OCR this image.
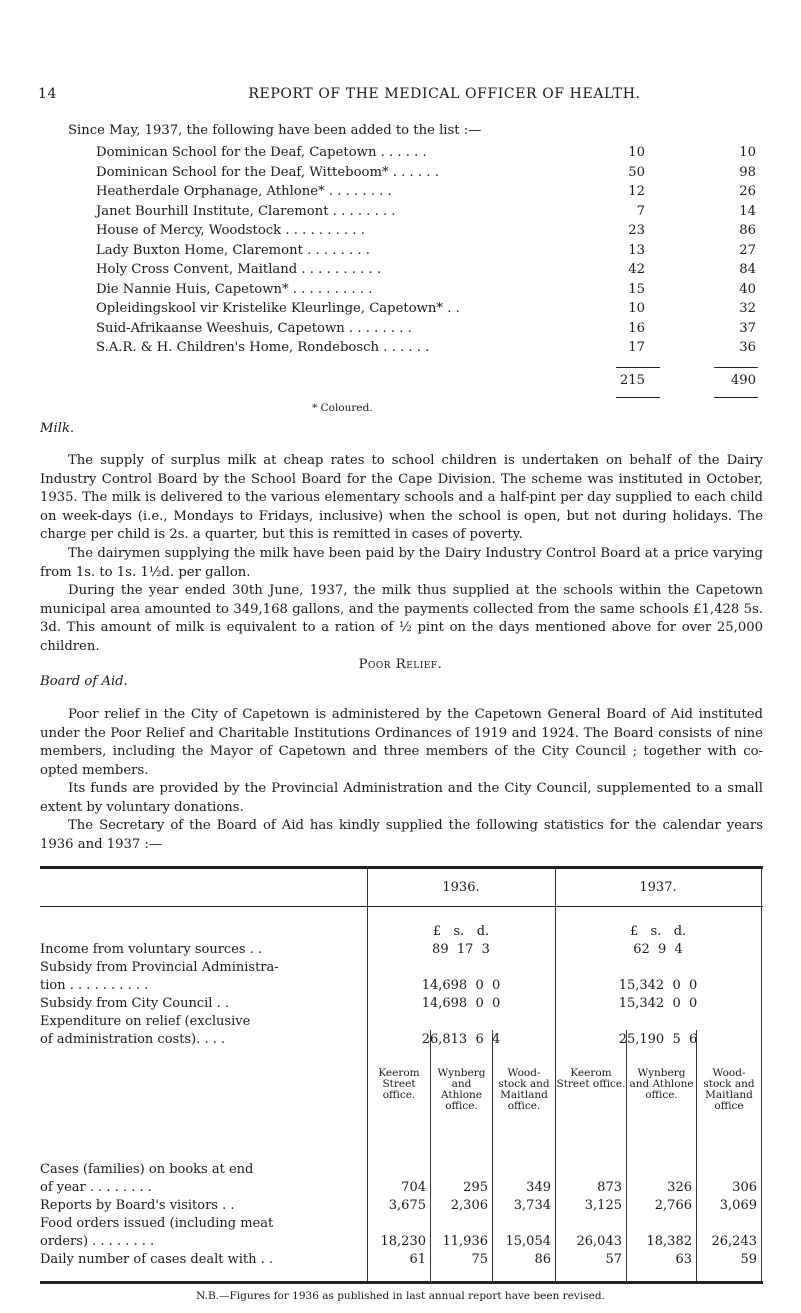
14	REPORT OF THE MEDICAL OFFICER OF HEALTH.
Since May, 1937, the following have been added to the list :—
Dominican School for the Deaf, Capetown . . . . . .	10	10
Dominican School for the Deaf, Witteboom* . . . . . .	50	98
Heatherdale Orphanage, Athlone* . . . . . . . .	12	26
Janet Bourhill Institute, Claremont . . . . . . . .	7	14
House of Mercy, Woodstock . . . . . . . . . .	23	86
Lady Buxton Home, Claremont . . . . . . . .	13	27
Holy Cross Convent, Maitland . . . . . . . . . .	42	84
Die Nannie Huis, Capetown* . . . . . . . . . .	15	40
Opleidingskool vir Kristelike Kleurlinge, Capetown* . .	10	32
Suid-Afrikaanse Weeshuis, Capetown . . . . . . . .	16	37
S.A.R. & H. Children's Home, Rondebosch . . . . . .	17	36
215	490
* Coloured.
Milk.
The supply of surplus milk at cheap rates to school children is undertaken on behalf of the Dairy Industry Control Board by the School Board for the Cape Division. The scheme was instituted in October, 1935. The milk is delivered to the various elementary schools and a half-pint per day supplied to each child on week-days (i.e., Mondays to Fridays, inclusive) when the school is open, but not during holidays. The charge per child is 2s. a quarter, but this is remitted in cases of poverty.
The dairymen supplying the milk have been paid by the Dairy Industry Control Board at a price varying from 1s. to 1s. 1½d. per gallon.
During the year ended 30th June, 1937, the milk thus supplied at the schools within the Capetown municipal area amounted to 349,168 gallons, and the payments collected from the same schools £1,428 5s. 3d. This amount of milk is equivalent to a ration of ½ pint on the days mentioned above for over 25,000 children.
Poor Relief.
Board of Aid.
Poor relief in the City of Capetown is administered by the Capetown General Board of Aid instituted under the Poor Relief and Charitable Institutions Ordinances of 1919 and 1924. The Board consists of nine members, including the Mayor of Capetown and three members of the City Council ; together with co-opted members.
Its funds are provided by the Provincial Administration and the City Council, supplemented to a small extent by voluntary donations.
The Secretary of the Board of Aid has kindly supplied the following statistics for the calendar years 1936 and 1937 :—
1936.	1937.
£   s.   d.	£   s.   d.
Income from voluntary sources . .	89  17  3	62  9  4
Subsidy from Provincial Administra-
tion . . . . . . . . . .	14,698  0  0	15,342  0  0
Subsidy from City Council . .	14,698  0  0	15,342  0  0
Expenditure on relief (exclusive
of administration costs). . . .	26,813  6  4	25,190  5  6
Keerom Street office.
Wynberg and Athlone office.
Wood- stock and Maitland office.
Keerom Street office.
Wynberg and Athlone office.
Wood- stock and Maitland office
Cases (families) on books at end
of year . . . . . . . .	704	295	349	873	326	306
Reports by Board's visitors . .	3,675	2,306	3,734	3,125	2,766	3,069
Food orders issued (including meat
orders) . . . . . . . .	18,230	11,936	15,054	26,043	18,382	26,243
Daily number of cases dealt with . .	61	75	86	57	63	59
N.B.—Figures for 1936 as published in last annual report have been revised.
